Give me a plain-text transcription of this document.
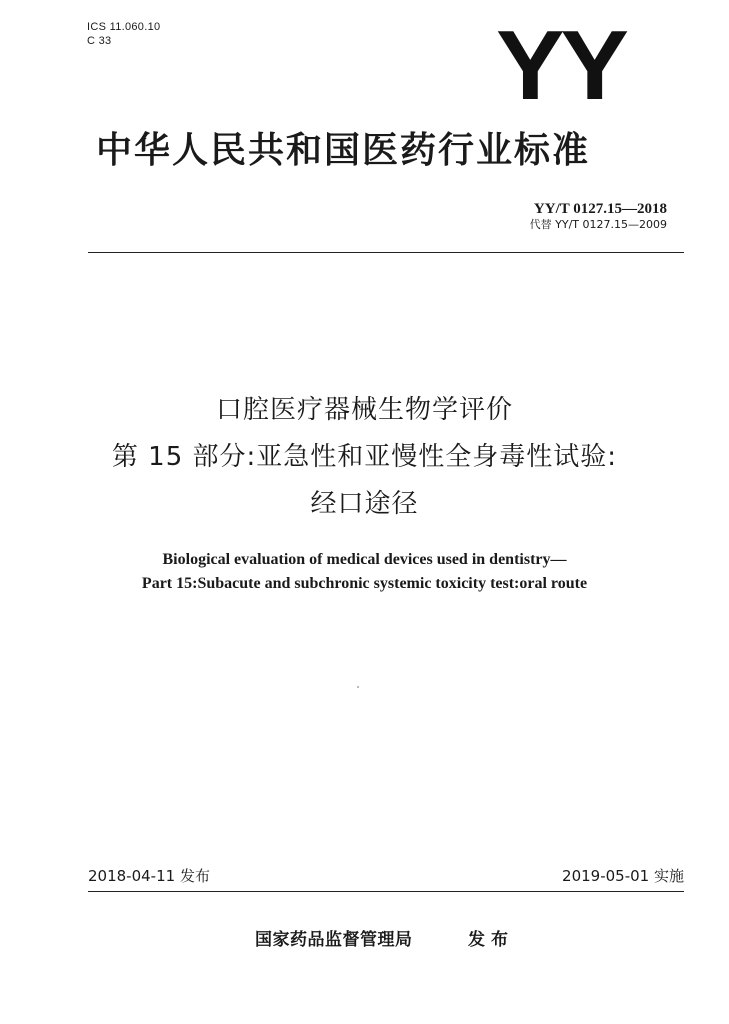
ICS 11.060.10
C 33	YY
中华人民共和国医药行业标准
YY/T 0127.15—2018
代替 YY/T 0127.15—2009
口腔医疗器械生物学评价
第 15 部分:亚急性和亚慢性全身毒性试验:
经口途径
Biological evaluation of medical devices used in dentistry—
Part 15:Subacute and subchronic systemic toxicity test:oral route
2018-04-11 发布	2019-05-01 实施
国家药品监督管理局	发布
